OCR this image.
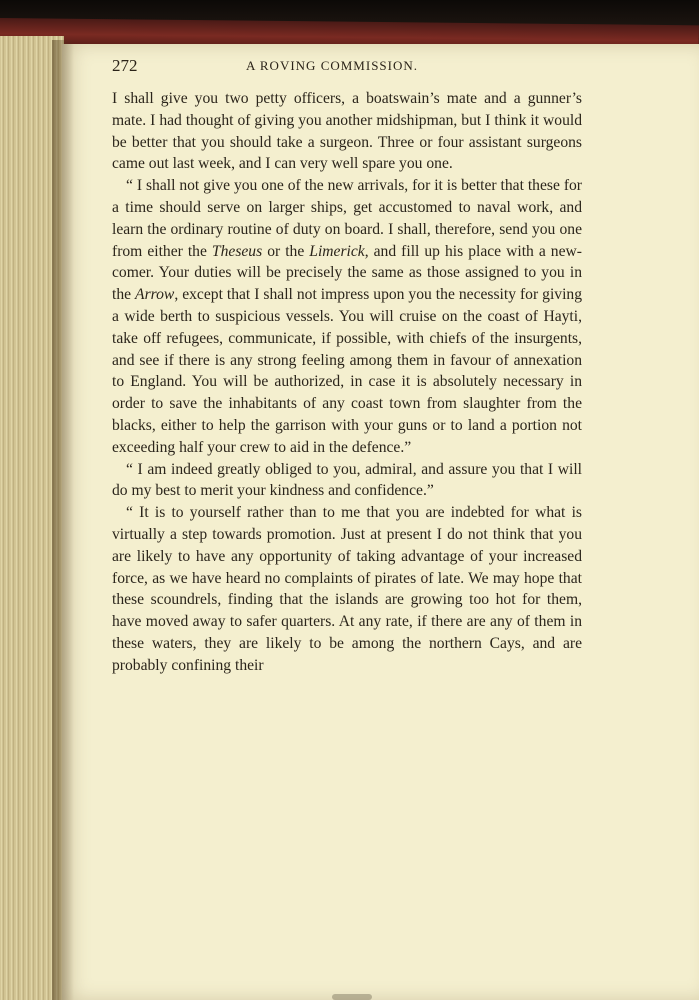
272	A ROVING COMMISSION.

I shall give you two petty officers, a boatswain’s mate and a gunner’s mate. I had thought of giving you another midshipman, but I think it would be better that you should take a surgeon. Three or four assistant surgeons came out last week, and I can very well spare you one.

“ I shall not give you one of the new arrivals, for it is better that these for a time should serve on larger ships, get accustomed to naval work, and learn the ordinary routine of duty on board. I shall, therefore, send you one from either the Theseus or the Limerick, and fill up his place with a new-comer. Your duties will be precisely the same as those assigned to you in the Arrow, except that I shall not impress upon you the necessity for giving a wide berth to suspicious vessels. You will cruise on the coast of Hayti, take off refugees, communicate, if possible, with chiefs of the insurgents, and see if there is any strong feeling among them in favour of annexation to England. You will be authorized, in case it is absolutely necessary in order to save the inhabitants of any coast town from slaughter from the blacks, either to help the garrison with your guns or to land a portion not exceeding half your crew to aid in the defence.”

“ I am indeed greatly obliged to you, admiral, and assure you that I will do my best to merit your kindness and confidence.”

“ It is to yourself rather than to me that you are indebted for what is virtually a step towards promotion. Just at present I do not think that you are likely to have any opportunity of taking advantage of your increased force, as we have heard no complaints of pirates of late. We may hope that these scoundrels, finding that the islands are growing too hot for them, have moved away to safer quarters. At any rate, if there are any of them in these waters, they are likely to be among the northern Cays, and are probably confining their
